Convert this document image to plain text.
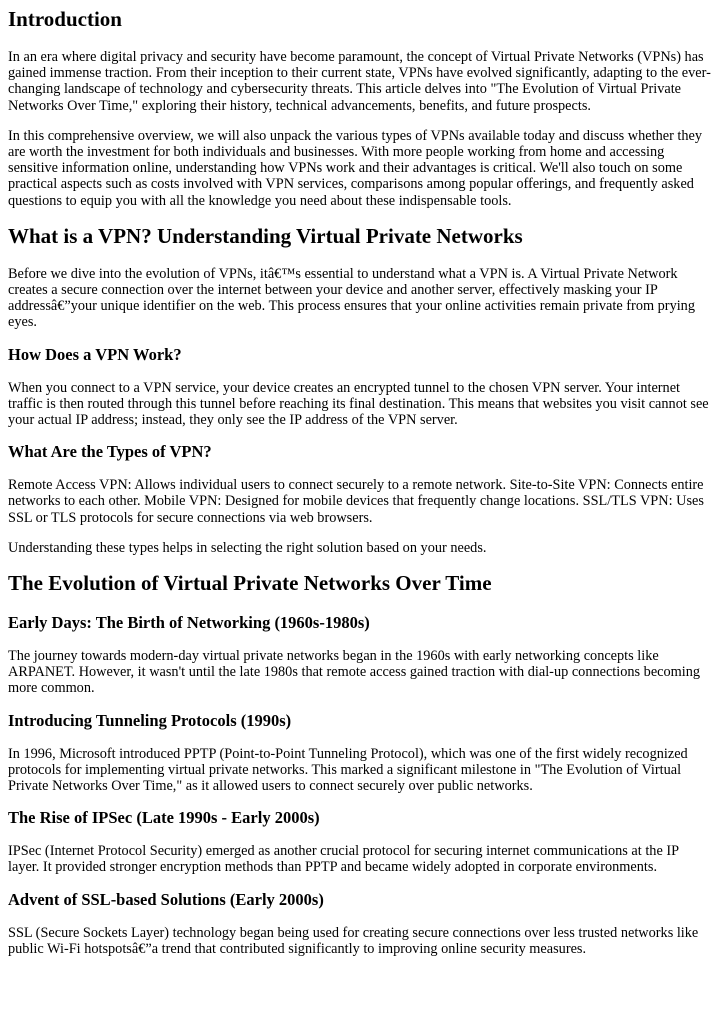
Introduction

In an era where digital privacy and security have become paramount, the concept of Virtual Private Networks (VPNs) has gained immense traction. From their inception to their current state, VPNs have evolved significantly, adapting to the ever-changing landscape of technology and cybersecurity threats. This article delves into "The Evolution of Virtual Private Networks Over Time," exploring their history, technical advancements, benefits, and future prospects.

In this comprehensive overview, we will also unpack the various types of VPNs available today and discuss whether they are worth the investment for both individuals and businesses. With more people working from home and accessing sensitive information online, understanding how VPNs work and their advantages is critical. We'll also touch on some practical aspects such as costs involved with VPN services, comparisons among popular offerings, and frequently asked questions to equip you with all the knowledge you need about these indispensable tools.

What is a VPN? Understanding Virtual Private Networks

Before we dive into the evolution of VPNs, itâ€™s essential to understand what a VPN is. A Virtual Private Network creates a secure connection over the internet between your device and another server, effectively masking your IP addressâ€”your unique identifier on the web. This process ensures that your online activities remain private from prying eyes.

How Does a VPN Work?

When you connect to a VPN service, your device creates an encrypted tunnel to the chosen VPN server. Your internet traffic is then routed through this tunnel before reaching its final destination. This means that websites you visit cannot see your actual IP address; instead, they only see the IP address of the VPN server.

What Are the Types of VPN?

Remote Access VPN: Allows individual users to connect securely to a remote network. Site-to-Site VPN: Connects entire networks to each other. Mobile VPN: Designed for mobile devices that frequently change locations. SSL/TLS VPN: Uses SSL or TLS protocols for secure connections via web browsers.

Understanding these types helps in selecting the right solution based on your needs.

The Evolution of Virtual Private Networks Over Time
Early Days: The Birth of Networking (1960s-1980s)

The journey towards modern-day virtual private networks began in the 1960s with early networking concepts like ARPANET. However, it wasn't until the late 1980s that remote access gained traction with dial-up connections becoming more common.

Introducing Tunneling Protocols (1990s)

In 1996, Microsoft introduced PPTP (Point-to-Point Tunneling Protocol), which was one of the first widely recognized protocols for implementing virtual private networks. This marked a significant milestone in "The Evolution of Virtual Private Networks Over Time," as it allowed users to connect securely over public networks.

The Rise of IPSec (Late 1990s - Early 2000s)

IPSec (Internet Protocol Security) emerged as another crucial protocol for securing internet communications at the IP layer. It provided stronger encryption methods than PPTP and became widely adopted in corporate environments.

Advent of SSL-based Solutions (Early 2000s)

SSL (Secure Sockets Layer) technology began being used for creating secure connections over less trusted networks like public Wi-Fi hotspotsâ€”a trend that contributed significantly to improving online security measures.
